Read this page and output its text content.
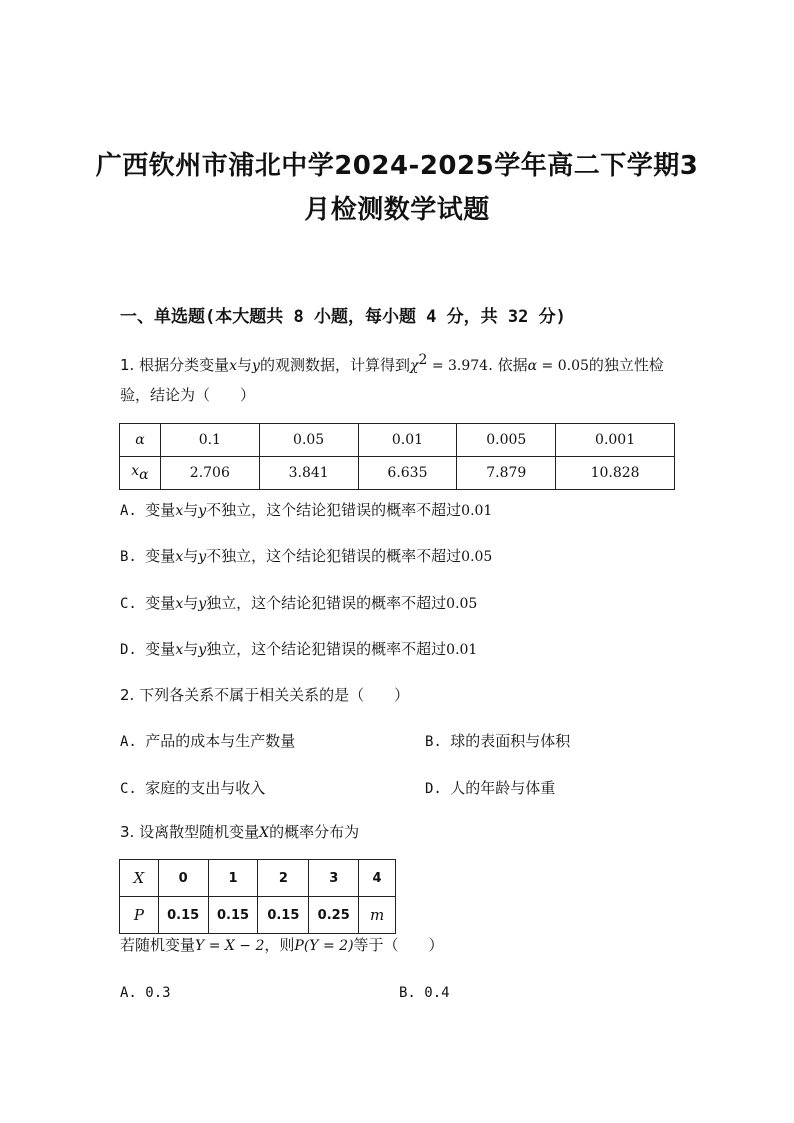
广西钦州市浦北中学2024-2025学年高二下学期3
月检测数学试题
一、单选题(本大题共 8 小题，每小题 4 分，共 32 分)
1. 根据分类变量x与y的观测数据，计算得到$\chi^2 = 3.974$. 依据α = 0.05的独立性检
验，结论为（　　）
α	0.1	0.05	0.01	0.005	0.001
$x_\alpha$	2.706	3.841	6.635	7.879	10.828
A. 变量x与y不独立，这个结论犯错误的概率不超过0.01
B. 变量x与y不独立，这个结论犯错误的概率不超过0.05
C. 变量x与y独立，这个结论犯错误的概率不超过0.05
D. 变量x与y独立，这个结论犯错误的概率不超过0.01
2. 下列各关系不属于相关关系的是（　　）
A. 产品的成本与生产数量	B. 球的表面积与体积
C. 家庭的支出与收入	D. 人的年龄与体重
3. 设离散型随机变量X的概率分布为
X	0	1	2	3	4
P	0.15	0.15	0.15	0.25	m
若随机变量Y = X − 2，则P(Y = 2)等于（　　）
A. 0.3	B. 0.4
